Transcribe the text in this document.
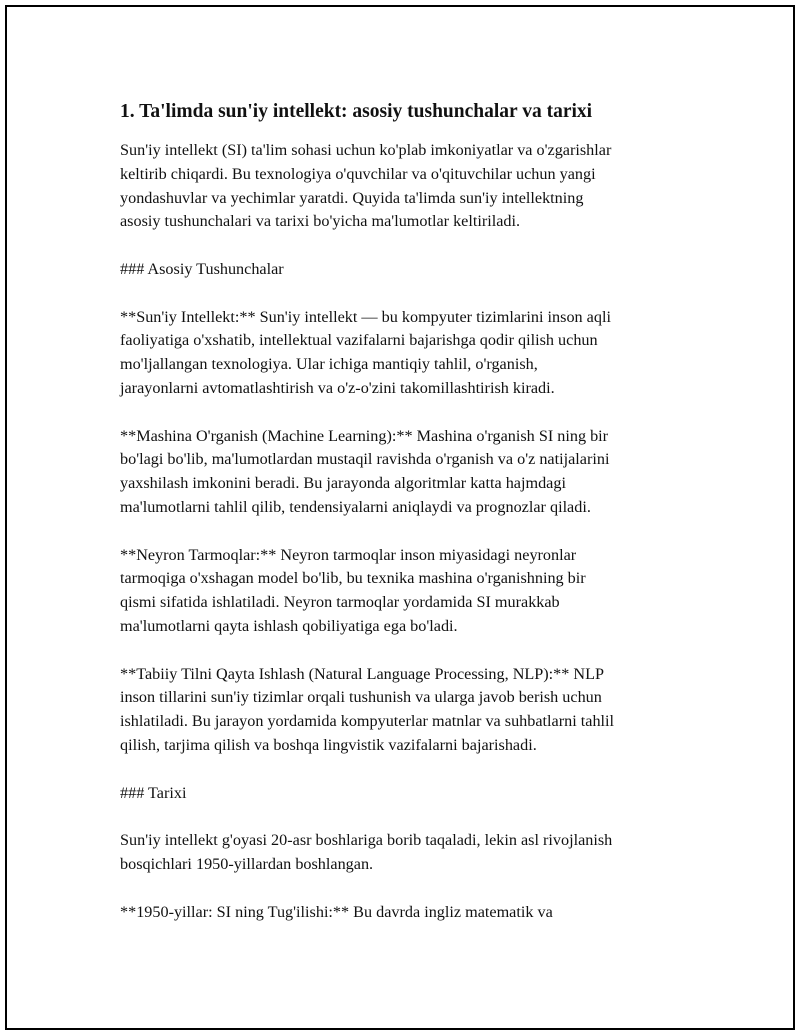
1. Ta'limda sun'iy intellekt: asosiy tushunchalar va tarixi

Sun'iy intellekt (SI) ta'lim sohasi uchun ko'plab imkoniyatlar va o'zgarishlar
keltirib chiqardi. Bu texnologiya o'quvchilar va o'qituvchilar uchun yangi
yondashuvlar va yechimlar yaratdi. Quyida ta'limda sun'iy intellektning
asosiy tushunchalari va tarixi bo'yicha ma'lumotlar keltiriladi.

### Asosiy Tushunchalar

**Sun'iy Intellekt:** Sun'iy intellekt — bu kompyuter tizimlarini inson aqli
faoliyatiga o'xshatib, intellektual vazifalarni bajarishga qodir qilish uchun
mo'ljallangan texnologiya. Ular ichiga mantiqiy tahlil, o'rganish,
jarayonlarni avtomatlashtirish va o'z-o'zini takomillashtirish kiradi.

**Mashina O'rganish (Machine Learning):** Mashina o'rganish SI ning bir
bo'lagi bo'lib, ma'lumotlardan mustaqil ravishda o'rganish va o'z natijalarini
yaxshilash imkonini beradi. Bu jarayonda algoritmlar katta hajmdagi
ma'lumotlarni tahlil qilib, tendensiyalarni aniqlaydi va prognozlar qiladi.

**Neyron Tarmoqlar:** Neyron tarmoqlar inson miyasidagi neyronlar
tarmoqiga o'xshagan model bo'lib, bu texnika mashina o'rganishning bir
qismi sifatida ishlatiladi. Neyron tarmoqlar yordamida SI murakkab
ma'lumotlarni qayta ishlash qobiliyatiga ega bo'ladi.

**Tabiiy Tilni Qayta Ishlash (Natural Language Processing, NLP):** NLP
inson tillarini sun'iy tizimlar orqali tushunish va ularga javob berish uchun
ishlatiladi. Bu jarayon yordamida kompyuterlar matnlar va suhbatlarni tahlil
qilish, tarjima qilish va boshqa lingvistik vazifalarni bajarishadi.

### Tarixi

Sun'iy intellekt g'oyasi 20-asr boshlariga borib taqaladi, lekin asl rivojlanish
bosqichlari 1950-yillardan boshlangan.

**1950-yillar: SI ning Tug'ilishi:** Bu davrda ingliz matematik va
